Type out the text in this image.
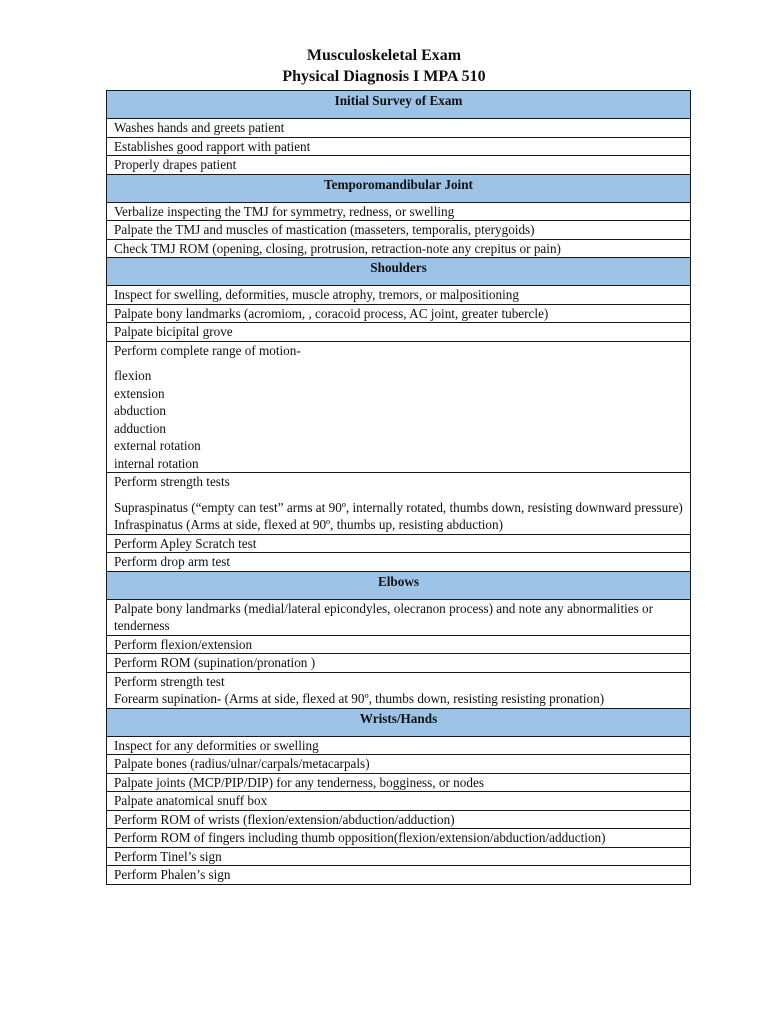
Musculoskeletal Exam
Physical Diagnosis I MPA 510
Initial Survey of Exam
Washes hands and greets patient
Establishes good rapport with patient
Properly drapes patient
Temporomandibular Joint
Verbalize inspecting the TMJ for symmetry, redness, or swelling
Palpate the TMJ and muscles of mastication (masseters, temporalis, pterygoids)
Check TMJ ROM (opening, closing, protrusion, retraction-note any crepitus or pain)
Shoulders
Inspect for swelling, deformities, muscle atrophy, tremors, or malpositioning
Palpate bony landmarks (acromiom, , coracoid process, AC joint, greater tubercle)
Palpate bicipital grove

Perform complete range of motion-
flexion
extension
abduction
adduction
external rotation
internal rotation

Perform strength tests
Supraspinatus (“empty can test” arms at 90º, internally rotated, thumbs down, resisting downward pressure)
Infraspinatus (Arms at side, flexed at 90º, thumbs up, resisting abduction)

Perform Apley Scratch test
Perform drop arm test
Elbows
Palpate bony landmarks (medial/lateral epicondyles, olecranon process) and note any abnormalities or tenderness
Perform flexion/extension
Perform ROM (supination/pronation )

Perform strength test
Forearm supination- (Arms at side, flexed at 90º, thumbs down, resisting resisting pronation)

Wrists/Hands
Inspect for any deformities or swelling
Palpate bones (radius/ulnar/carpals/metacarpals)
Palpate joints (MCP/PIP/DIP) for any tenderness, bogginess, or nodes
Palpate anatomical snuff box
Perform ROM of wrists (flexion/extension/abduction/adduction)
Perform ROM of fingers including thumb opposition(flexion/extension/abduction/adduction)
Perform Tinel’s sign
Perform Phalen’s sign
